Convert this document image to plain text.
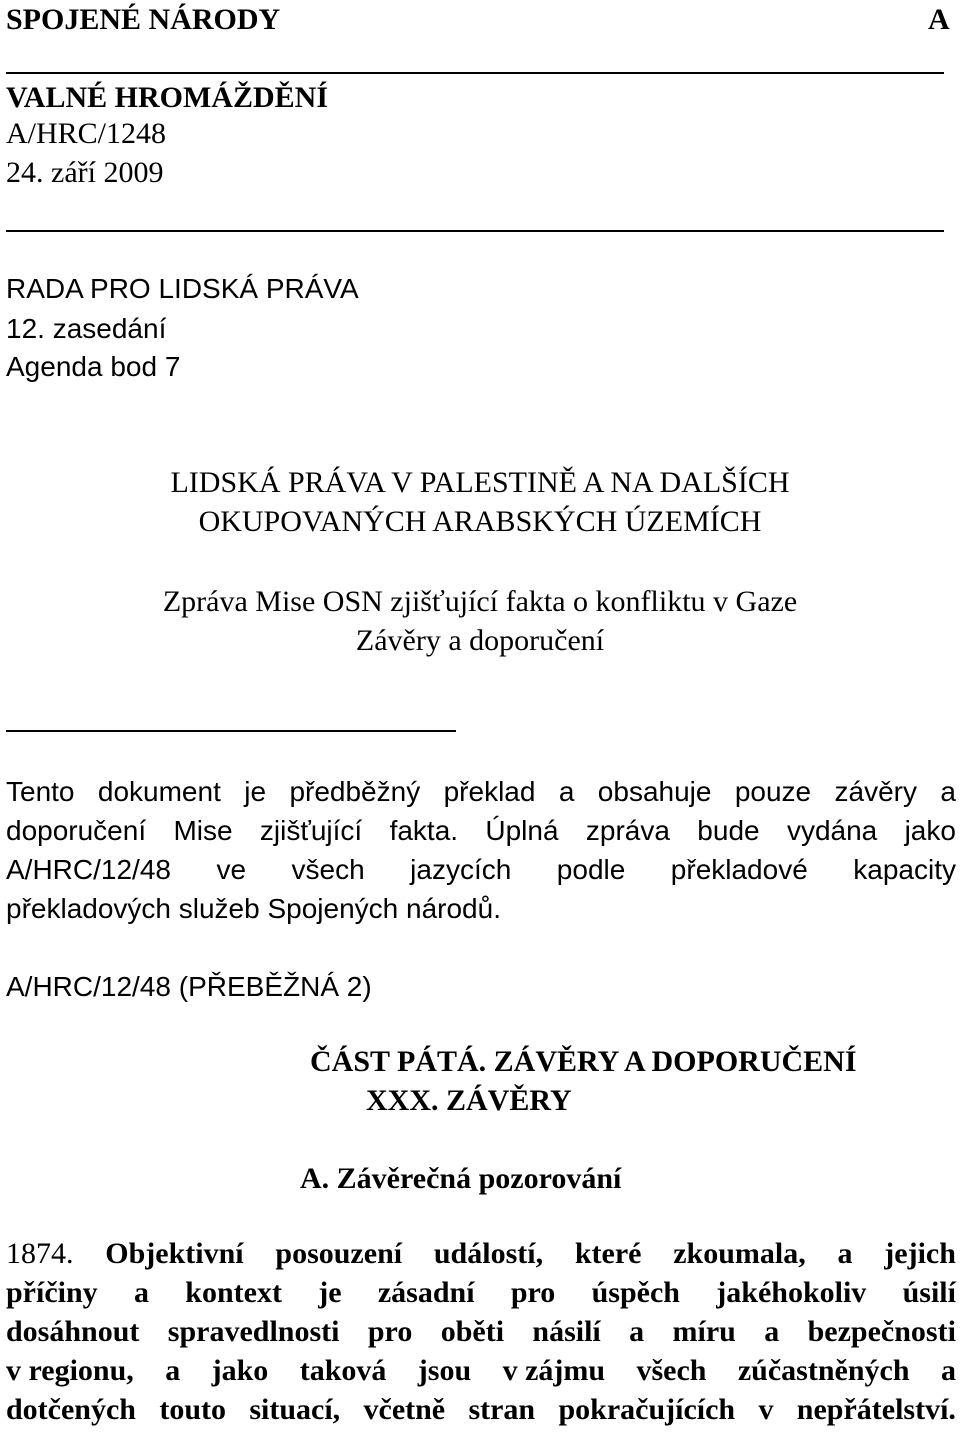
SPOJENÉ NÁRODY	A
VALNÉ HROMÁŽDĚNÍ
A/HRC/1248
24. září 2009
RADA PRO LIDSKÁ PRÁVA
12. zasedání
Agenda bod 7
LIDSKÁ PRÁVA V PALESTINĚ A NA DALŠÍCH
OKUPOVANÝCH ARABSKÝCH ÚZEMÍCH
Zpráva Mise OSN zjišťující fakta o konfliktu v Gaze
Závěry a doporučení
Tento dokument je předběžný překlad a obsahuje pouze závěry a
doporučení Mise zjišťující fakta. Úplná zpráva bude vydána jako
A/HRC/12/48 ve všech jazycích podle překladové kapacity
překladových služeb Spojených národů.
A/HRC/12/48 (PŘEBĚŽNÁ 2)
ČÁST PÁTÁ. ZÁVĚRY A DOPORUČENÍ
XXX. ZÁVĚRY
A. Závěrečná pozorování
1874. Objektivní posouzení událostí, které zkoumala, a jejich
příčiny a kontext je zásadní pro úspěch jakéhokoliv úsilí
dosáhnout spravedlnosti pro oběti násilí a míru a bezpečnosti
v regionu, a jako taková jsou v zájmu všech zúčastněných a
dotčených touto situací, včetně stran pokračujících v nepřátelství.
